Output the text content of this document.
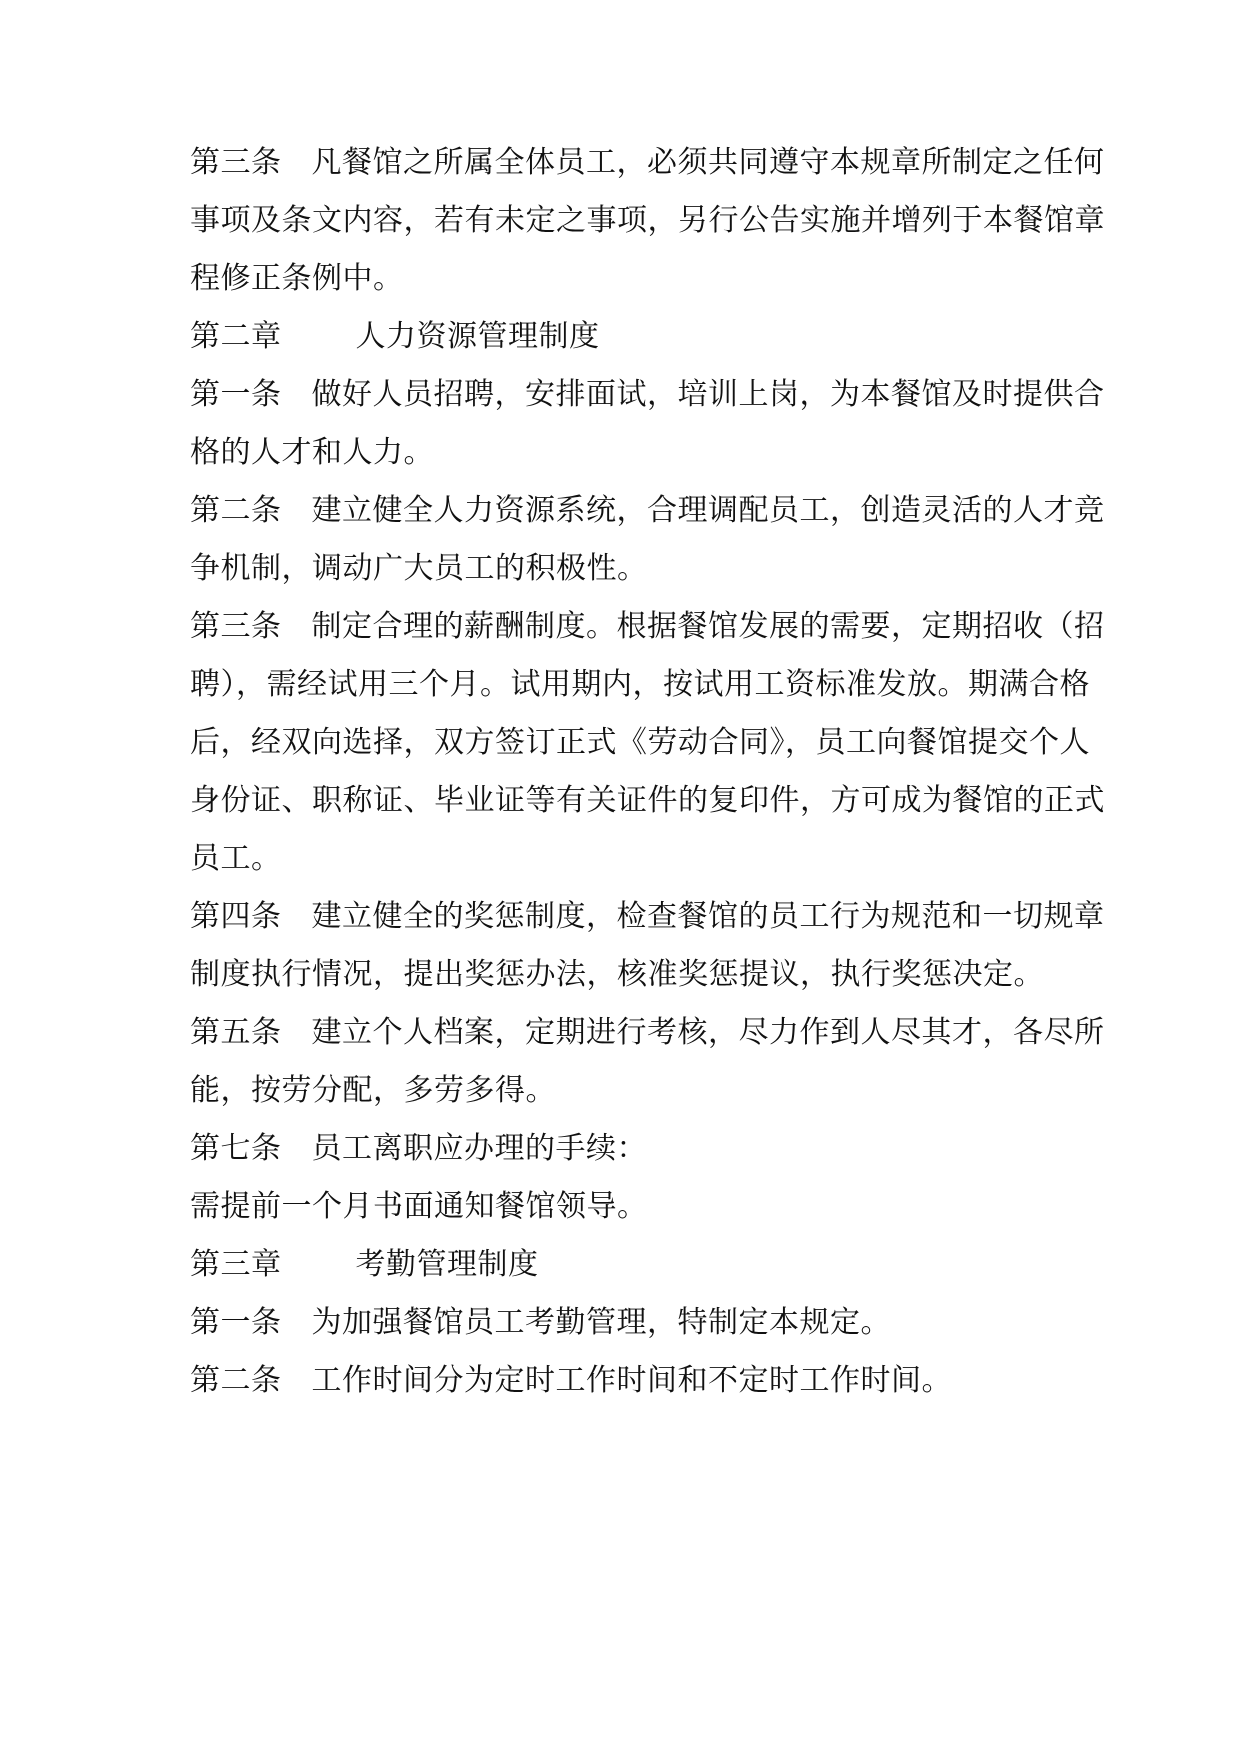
第三条 凡餐馆之所属全体员工，必须共同遵守本规章所制定之任何
事项及条文内容，若有未定之事项，另行公告实施并增列于本餐馆章
程修正条例中。
第二章 人力资源管理制度
第一条 做好人员招聘，安排面试，培训上岗，为本餐馆及时提供合
格的人才和人力。
第二条 建立健全人力资源系统，合理调配员工，创造灵活的人才竞
争机制，调动广大员工的积极性。
第三条 制定合理的薪酬制度。根据餐馆发展的需要，定期招收（招
聘），需经试用三个月。试用期内，按试用工资标准发放。期满合格
后，经双向选择，双方签订正式《劳动合同》，员工向餐馆提交个人
身份证、职称证、毕业证等有关证件的复印件，方可成为餐馆的正式
员工。
第四条 建立健全的奖惩制度，检查餐馆的员工行为规范和一切规章
制度执行情况，提出奖惩办法，核准奖惩提议，执行奖惩决定。
第五条 建立个人档案，定期进行考核，尽力作到人尽其才，各尽所
能，按劳分配，多劳多得。
第七条 员工离职应办理的手续：
需提前一个月书面通知餐馆领导。
第三章 考勤管理制度
第一条 为加强餐馆员工考勤管理，特制定本规定。
第二条 工作时间分为定时工作时间和不定时工作时间。
